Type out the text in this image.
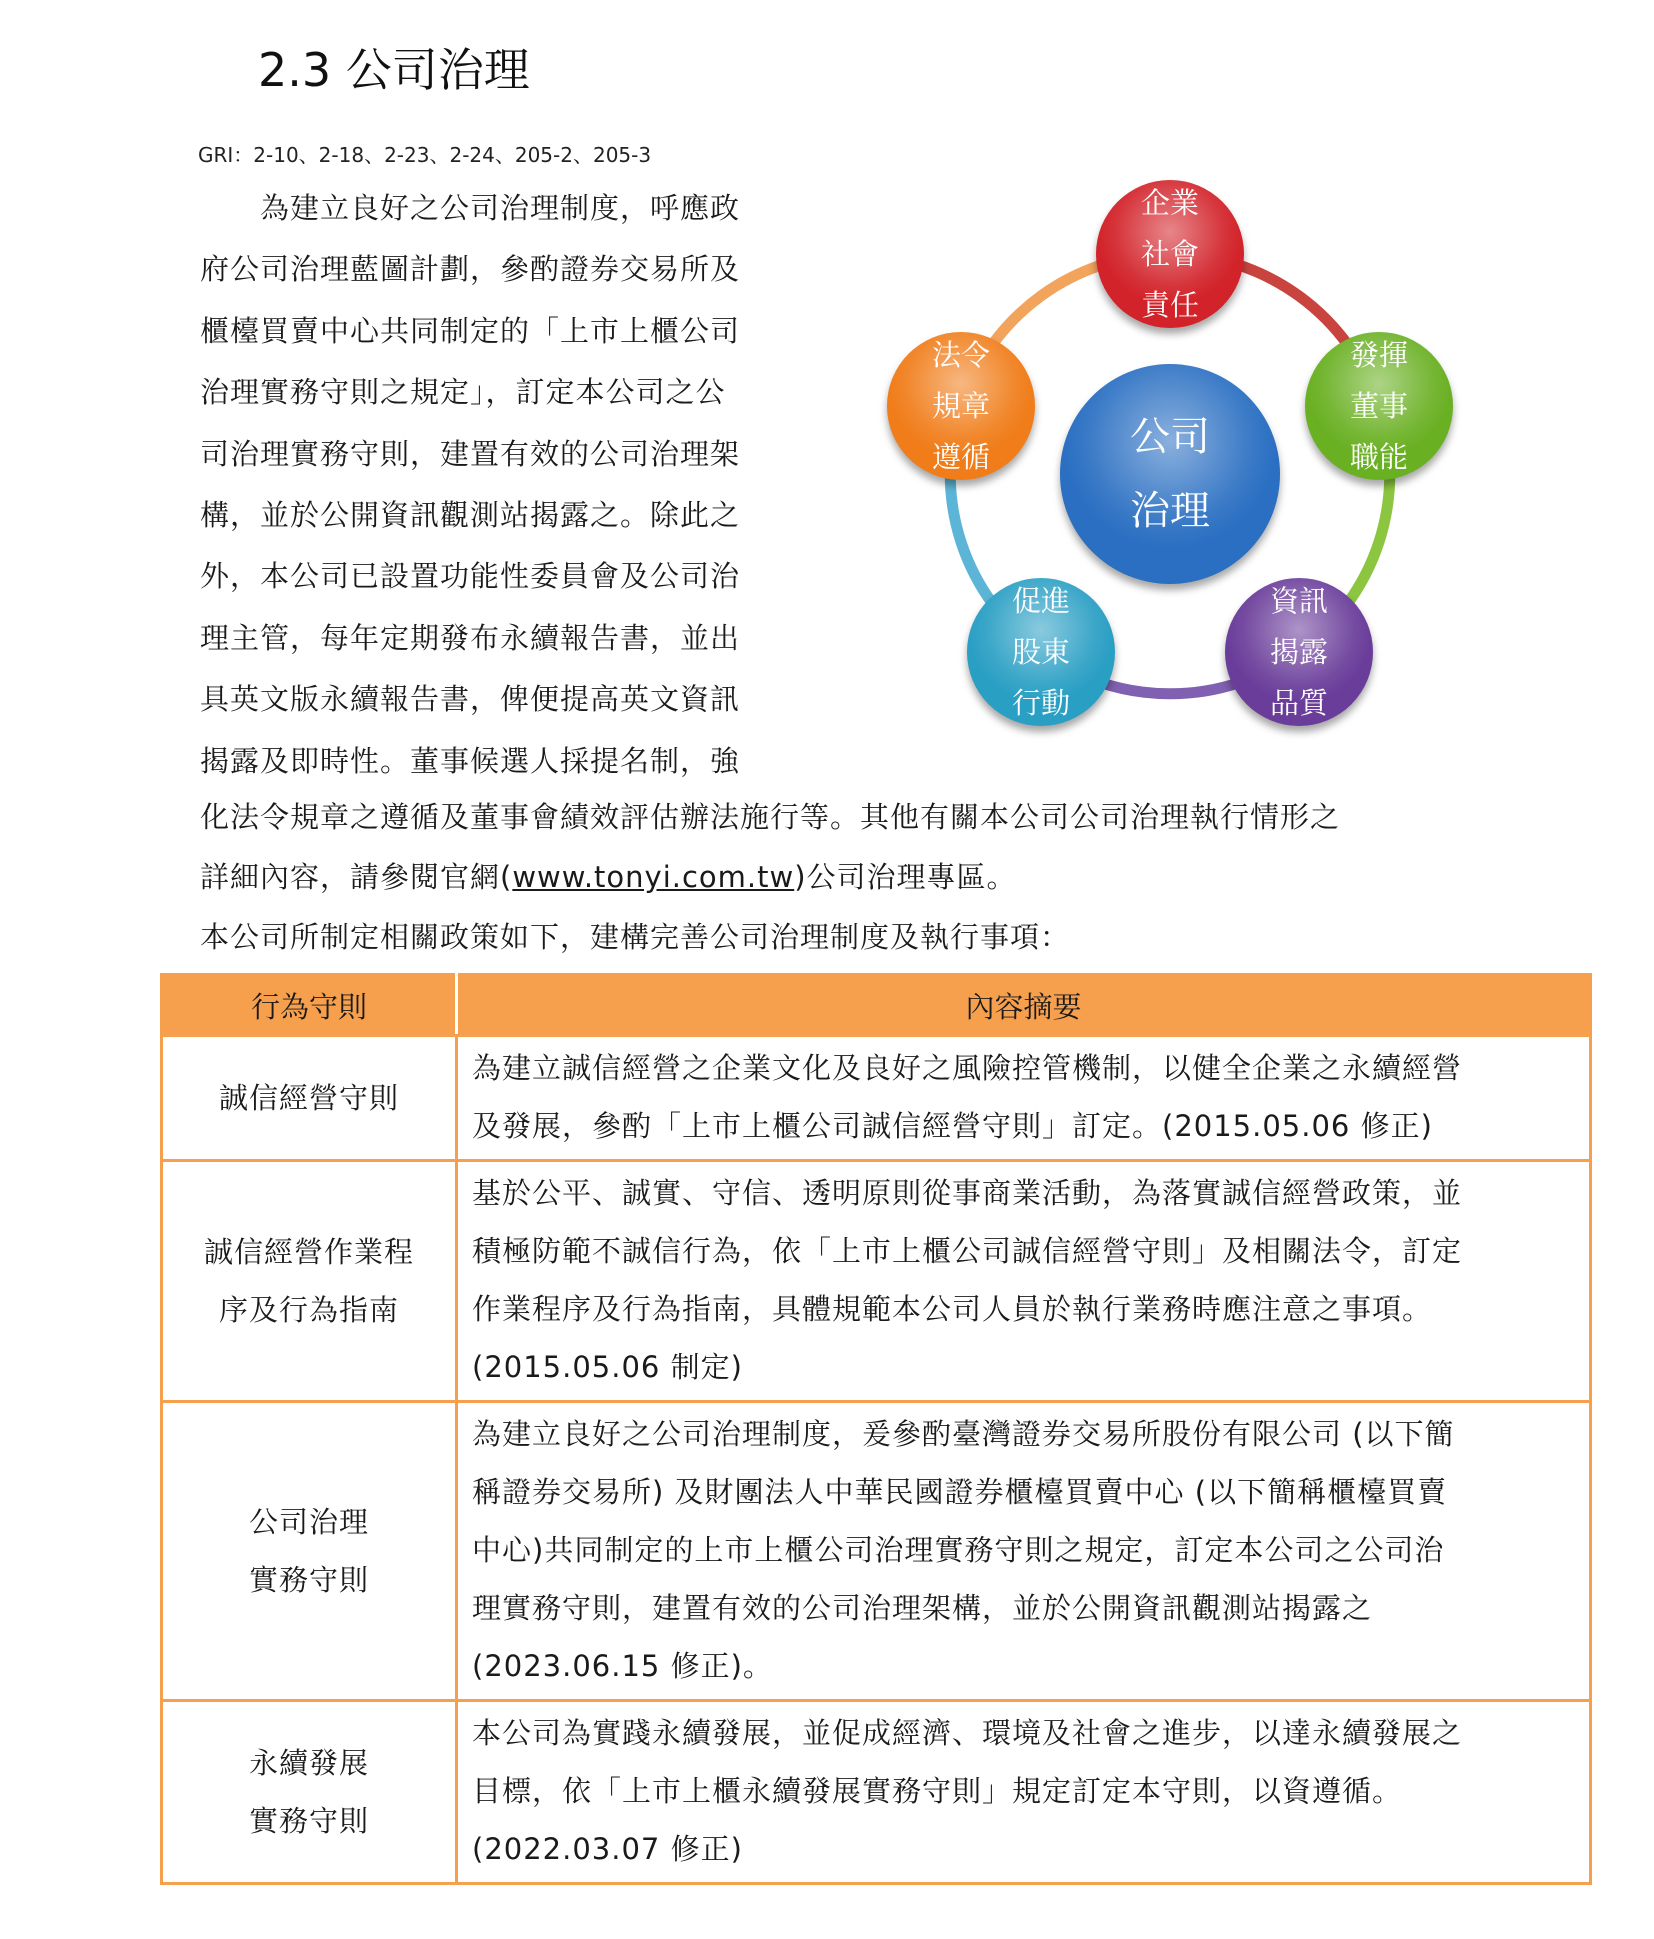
2.3 公司治理
GRI：2-10、2-18、2-23、2-24、205-2、205-3
　　為建立良好之公司治理制度，呼應政
府公司治理藍圖計劃，參酌證券交易所及
櫃檯買賣中心共同制定的「上市上櫃公司
治理實務守則之規定」，訂定本公司之公
司治理實務守則，建置有效的公司治理架
構，並於公開資訊觀測站揭露之。除此之
外，本公司已設置功能性委員會及公司治
理主管，每年定期發布永續報告書，並出
具英文版永續報告書，俾便提高英文資訊
揭露及即時性。董事候選人採提名制，強
化法令規章之遵循及董事會績效評估辦法施行等。其他有關本公司公司治理執行情形之
詳細內容，請參閱官網(www.tonyi.com.tw)公司治理專區。
本公司所制定相關政策如下，建構完善公司治理制度及執行事項：
公司
治理
企業
社會
責任
發揮
董事
職能
資訊
揭露
品質
促進
股東
行動
法令
規章
遵循
行為守則	內容摘要

誠信經營守則	為建立誠信經營之企業文化及良好之風險控管機制，以健全企業之永續經營
及發展，參酌「上市上櫃公司誠信經營守則」訂定。(2015.05.06 修正)

誠信經營作業程
序及行為指南	基於公平、誠實、守信、透明原則從事商業活動，為落實誠信經營政策，並
積極防範不誠信行為，依「上市上櫃公司誠信經營守則」及相關法令，訂定
作業程序及行為指南，具體規範本公司人員於執行業務時應注意之事項。
(2015.05.06 制定)

公司治理
實務守則	為建立良好之公司治理制度，爰參酌臺灣證券交易所股份有限公司 (以下簡
稱證券交易所) 及財團法人中華民國證券櫃檯買賣中心 (以下簡稱櫃檯買賣
中心)共同制定的上市上櫃公司治理實務守則之規定，訂定本公司之公司治
理實務守則，建置有效的公司治理架構，並於公開資訊觀測站揭露之
(2023.06.15 修正)。

永續發展
實務守則	本公司為實踐永續發展，並促成經濟、環境及社會之進步，以達永續發展之
目標，依「上市上櫃永續發展實務守則」規定訂定本守則，以資遵循。
(2022.03.07 修正)
